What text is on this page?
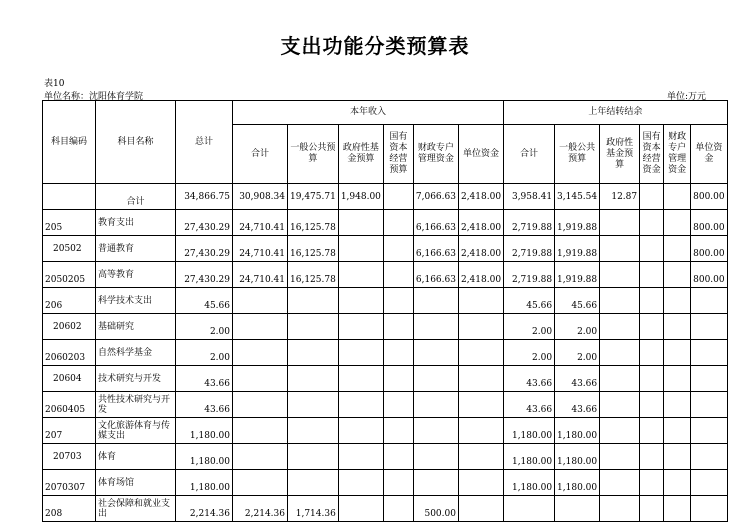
支出功能分类预算表
表10
单位名称：沈阳体育学院	单位:万元
科目编码	科目名称	总计	本年收入						上年结转结余					
			合计	一般公共预算	政府性基金预算	国有资本经营预算	财政专户管理资金	单位资金	合计	一般公共预算	政府性基金预算	国有资本经营资金	财政专户管理资金	单位资金
	合计	34,866.75	30,908.34	19,475.71	1,948.00		7,066.63	2,418.00	3,958.41	3,145.54	12.87			800.00
205	教育支出	27,430.29	24,710.41	16,125.78			6,166.63	2,418.00	2,719.88	1,919.88				800.00
20502	普通教育	27,430.29	24,710.41	16,125.78			6,166.63	2,418.00	2,719.88	1,919.88				800.00
2050205	高等教育	27,430.29	24,710.41	16,125.78			6,166.63	2,418.00	2,719.88	1,919.88				800.00
206	科学技术支出	45.66							45.66	45.66				
20602	基础研究	2.00							2.00	2.00				
2060203	自然科学基金	2.00							2.00	2.00				
20604	技术研究与开发	43.66							43.66	43.66				
2060405	共性技术研究与开发	43.66							43.66	43.66				
207	文化旅游体育与传媒支出	1,180.00							1,180.00	1,180.00				
20703	体育	1,180.00							1,180.00	1,180.00				
2070307	体育场馆	1,180.00							1,180.00	1,180.00				
208	社会保障和就业支出	2,214.36	2,214.36	1,714.36			500.00							
